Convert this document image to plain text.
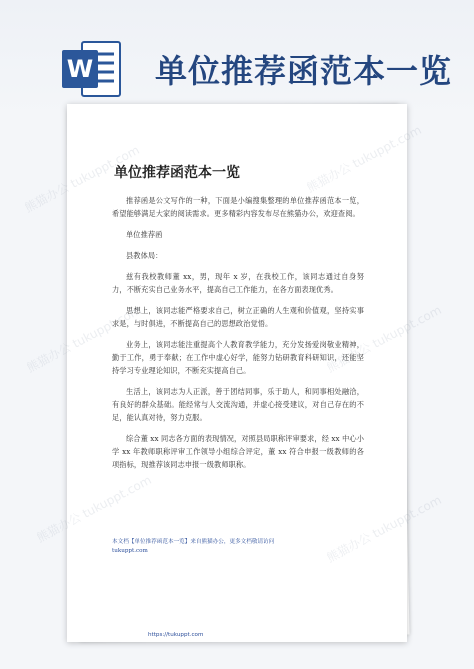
W 单位推荐函范本一览
单位推荐函范本一览

推荐函是公文写作的一种，下面是小编搜集整理的单位推荐函范本一览，希望能够满足大家的阅读需求。更多精彩内容发布尽在熊猫办公，欢迎查阅。

单位推荐函

县教体局：

兹有我校教师董 xx，男，现年 x 岁，在我校工作，该同志通过自身努力，不断充实自己业务水平，提高自己工作能力，在各方面表现优秀。

思想上，该同志能严格要求自己，树立正确的人生观和价值观，坚持实事求是，与时俱进，不断提高自己的思想政治觉悟。

业务上，该同志能注重提高个人教育教学能力，充分发扬爱岗敬业精神，勤于工作，勇于奉献；在工作中虚心好学，能努力钻研教育科研知识，还能坚持学习专业理论知识，不断充实提高自己。

生活上，该同志为人正派，善于团结同事，乐于助人，和同事相处融洽，有良好的群众基础。能经常与人交流沟通，并虚心接受建议，对自己存在的不足，能认真对待，努力克服。

综合董 xx 同志各方面的表现情况，对照县局职称评审要求，经 xx 中心小学 xx 年教师职称评审工作领导小组综合评定，董 xx 符合申报一级教师的各项指标，现推荐该同志申报一级教师职称。

本文档【单位推荐函范本一览】来自熊猫办公，更多文档敬请访问
tukuppt.com
https://tukuppt.com
熊猫办公
熊猫办公
熊猫办公
